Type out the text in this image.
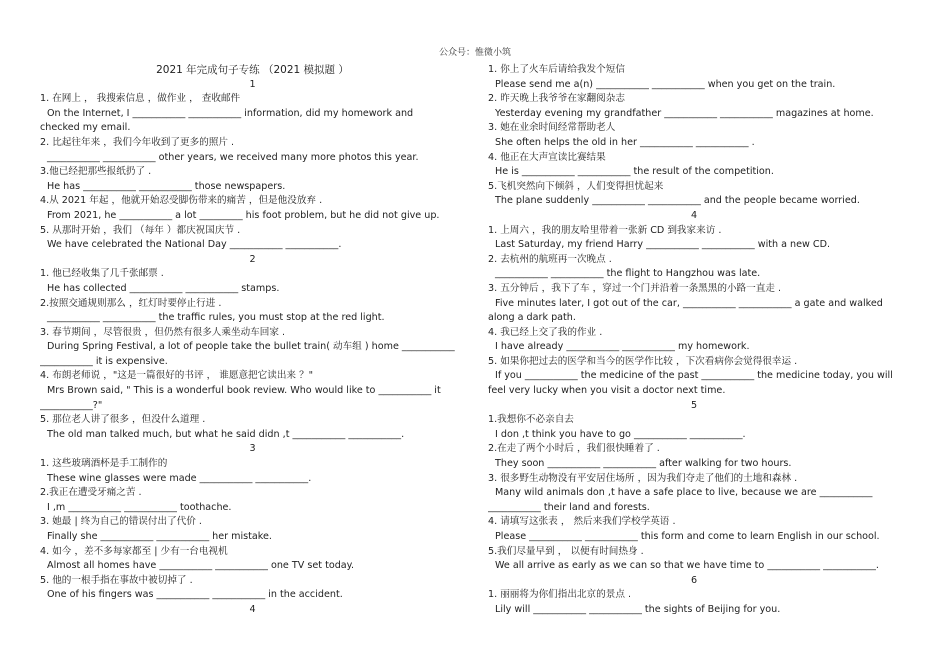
公众号：惟微小筑
2021 年完成句子专练 （2021 模拟题 ）
1
1. 在网上 ， 我搜索信息 ，做作业 ， 查收邮件
On the Internet, I ___________ ___________ information, did my homework and
checked my email.
2. 比起往年来 ，我们今年收到了更多的照片 .
___________ ___________ other years, we received many more photos this year.
3.他已经把那些报纸扔了 .
He has ___________ ___________ those newspapers.
4.从 2021 年起 ，他就开始忍受脚伤带来的痛苦 ，但是他没放弃 .
From 2021, he ___________ a lot _________ his foot problem, but he did not give up.
5. 从那时开始 ，我们 （每年 ）都庆祝国庆节 .
We have celebrated the National Day ___________ ___________.
2
1. 他已经收集了几千张邮票 .
He has collected ___________ ___________ stamps.
2.按照交通规则那么 ，红灯时要停止行进 .
___________ ___________ the traffic rules, you must stop at the red light.
3. 春节期间 ，尽管很贵 ，但仍然有很多人乘坐动车回家 .
During Spring Festival, a lot of people take the bullet train( 动车组 ) home ___________
___________ it is expensive.
4. 布朗老师说 ，"这是一篇很好的书评 ， 谁愿意把它读出来 ？"
Mrs Brown said, " This is a wonderful book review. Who would like to ___________ it
___________?"
5. 那位老人讲了很多 ，但没什么道理 .
The old man talked much, but what he said didn ,t ___________ ___________.
3
1. 这些玻璃酒杯是手工制作的
These wine glasses were made ___________ ___________.
2.我正在遭受牙痛之苦 .
I ,m ___________ ___________ toothache.
3. 她最 | 终为自己的错误付出了代价 .
Finally she ___________ ___________ her mistake.
4. 如今 ，差不多每家都至 | 少有一台电视机
Almost all homes have ___________ ___________ one TV set today.
5. 他的一根手指在事故中被切掉了 .
One of his fingers was ___________ ___________ in the accident.
4
1. 你上了火车后请给我发个短信
Please send me a(n) ___________ ___________ when you get on the train.
2. 昨天晚上我爷爷在家翻阅杂志
Yesterday evening my grandfather ___________ ___________ magazines at home.
3. 她在业余时间经常帮助老人
She often helps the old in her ___________ ___________ .
4. 他正在大声宣读比赛结果
He is ___________ ___________ the result of the competition.
5.飞机突然向下倾斜 ，人们变得担忧起来
The plane suddenly ___________ ___________ and the people became worried.
4
1. 上周六 ，我的朋友哈里带着一张新 CD 到我家来访 .
Last Saturday, my friend Harry ___________ ___________ with a new CD.
2. 去杭州的航班再一次晚点 .
___________ ___________ the flight to Hangzhou was late.
3. 五分钟后 ，我下了车 ，穿过一个门并沿着一条黑黑的小路一直走 .
Five minutes later, I got out of the car, ___________ ___________ a gate and walked
along a dark path.
4. 我已经上交了我的作业 .
I have already ___________ ___________ my homework.
5. 如果你把过去的医学和当今的医学作比较 ，下次看病你会觉得很幸运 .
If you ___________ the medicine of the past ___________ the medicine today, you will
feel very lucky when you visit a doctor next time.
5
1.我想你不必亲自去
I don ,t think you have to go ___________ ___________.
2.在走了两个小时后 ，我们很快睡着了 .
They soon ___________ ___________ after walking for two hours.
3. 很多野生动物没有平安居住场所 ，因为我们夺走了他们的土地和森林 .
Many wild animals don ,t have a safe place to live, because we are ___________
___________ their land and forests.
4. 请填写这张表 ， 然后来我们学校学英语 .
Please ___________ ___________ this form and come to learn English in our school.
5.我们尽量早到 ， 以便有时间热身 .
We all arrive as early as we can so that we have time to ___________ ___________.
6
1. 丽丽将为你们指出北京的景点 .
Lily will ___________ ___________ the sights of Beijing for you.
